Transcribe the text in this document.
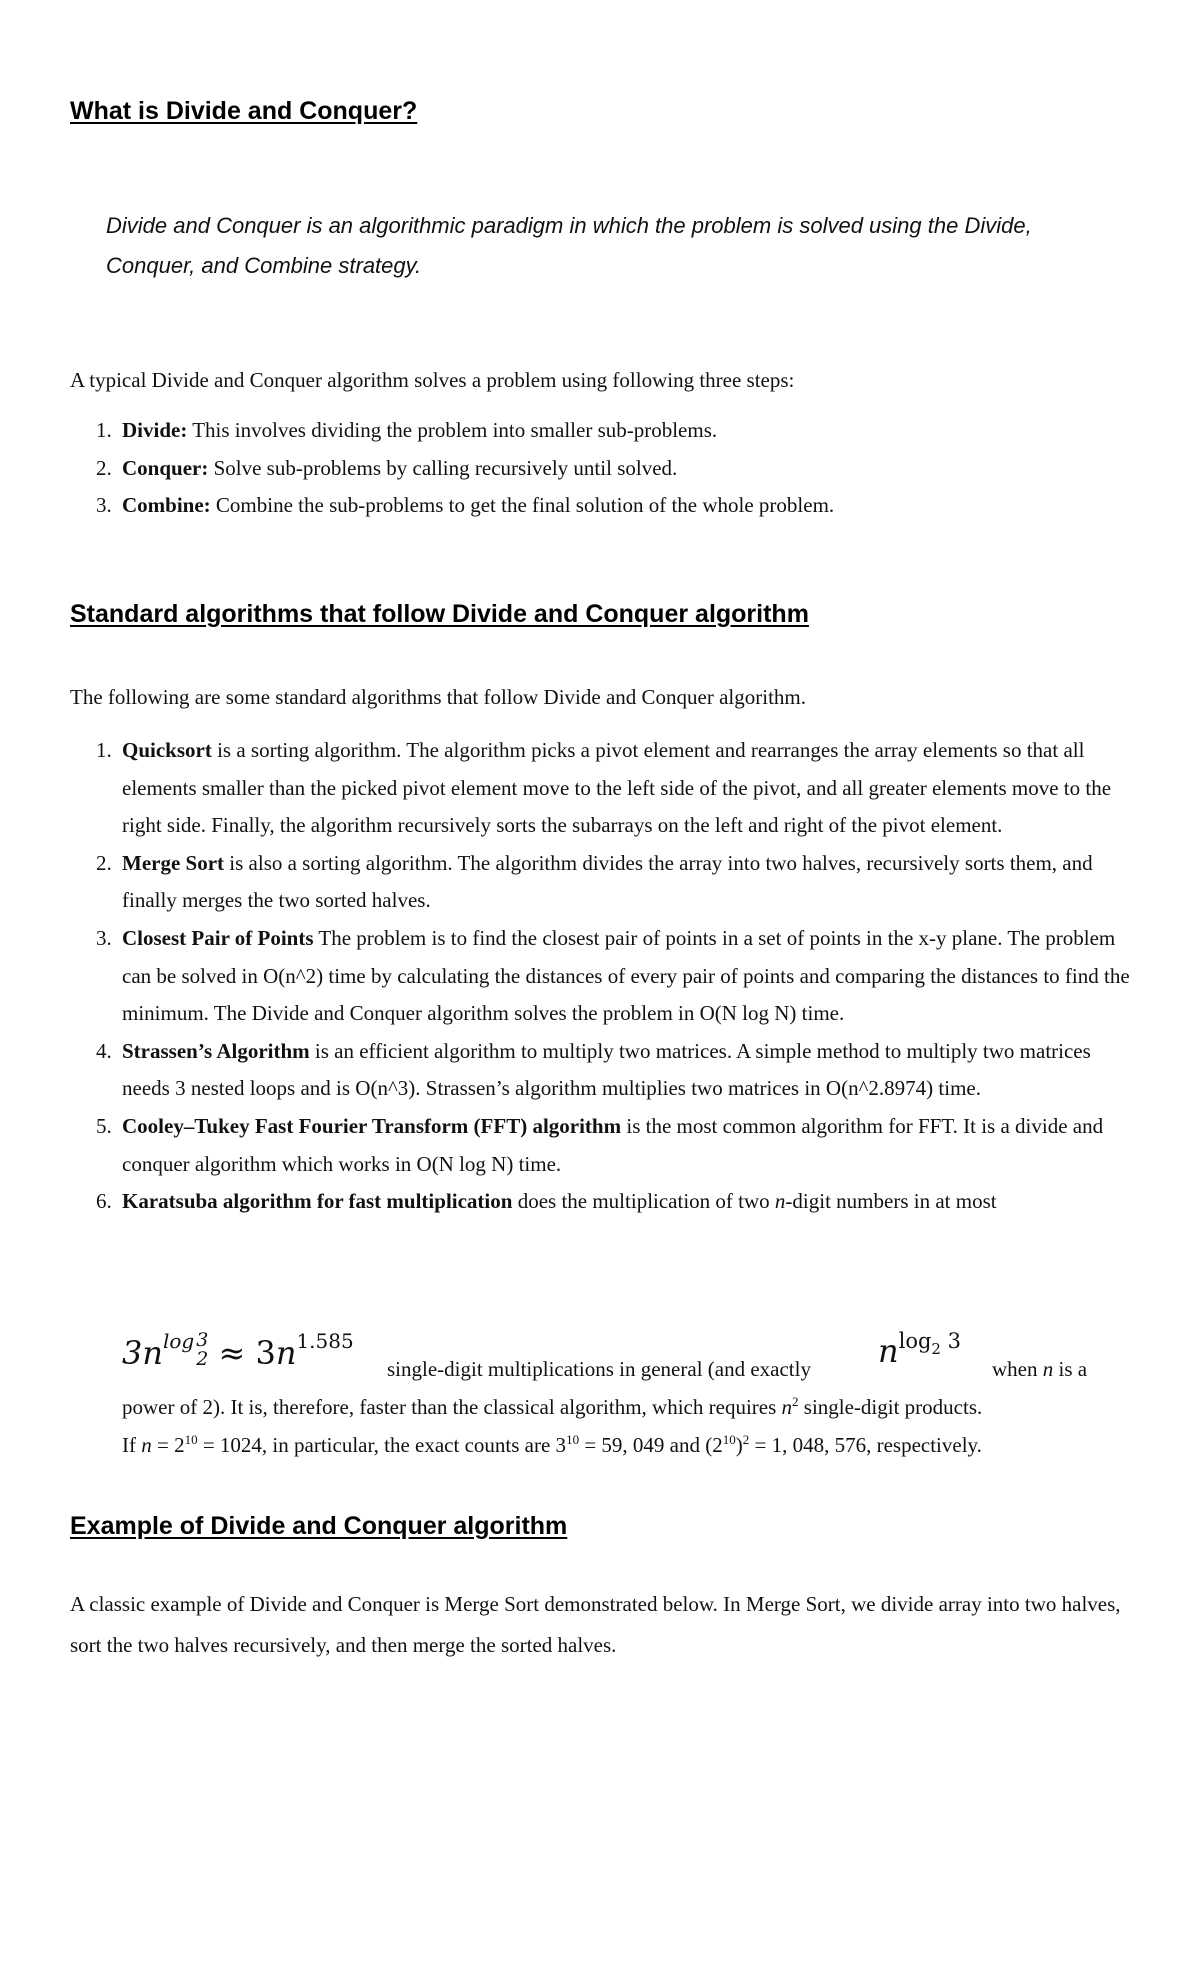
What is Divide and Conquer?

Divide and Conquer is an algorithmic paradigm in which the problem is solved using the Divide, Conquer, and Combine strategy.

A typical Divide and Conquer algorithm solves a problem using following three steps:

1. Divide: This involves dividing the problem into smaller sub-problems.
2. Conquer: Solve sub-problems by calling recursively until solved.
3. Combine: Combine the sub-problems to get the final solution of the whole problem.
Standard algorithms that follow Divide and Conquer algorithm

The following are some standard algorithms that follow Divide and Conquer algorithm.

1. Quicksort is a sorting algorithm. The algorithm picks a pivot element and rearranges the array elements so that all elements smaller than the picked pivot element move to the left side of the pivot, and all greater elements move to the right side. Finally, the algorithm recursively sorts the subarrays on the left and right of the pivot element.
2. Merge Sort is also a sorting algorithm. The algorithm divides the array into two halves, recursively sorts them, and finally merges the two sorted halves.
3. Closest Pair of Points The problem is to find the closest pair of points in a set of points in the x-y plane. The problem can be solved in O(n^2) time by calculating the distances of every pair of points and comparing the distances to find the minimum. The Divide and Conquer algorithm solves the problem in O(N log N) time.
4. Strassen’s Algorithm is an efficient algorithm to multiply two matrices. A simple method to multiply two matrices needs 3 nested loops and is O(n^3). Strassen’s algorithm multiplies two matrices in O(n^2.8974) time.
5. Cooley–Tukey Fast Fourier Transform (FFT) algorithm is the most common algorithm for FFT. It is a divide and conquer algorithm which works in O(N log N) time.
6. Karatsuba algorithm for fast multiplication does the multiplication of two n-digit numbers in at most
$3n^{log}$ 3
$2 \approx 3n^{1.585}$
single-digit multiplications in general (and exactly $n^{log2}$ $^3$
when n is a
power of 2). It is, therefore, faster than the classical algorithm, which requires $n^2$ single-digit products.
If $n = 2^{10} = 1024$, in particular, the exact counts are $3^{10} = 59$, 049 and $(2^{10})^2 = 1$, 048, 576, respectively.
Example of Divide and Conquer algorithm

A classic example of Divide and Conquer is Merge Sort demonstrated below. In Merge Sort, we divide array into two halves, sort the two halves recursively, and then merge the sorted halves.
